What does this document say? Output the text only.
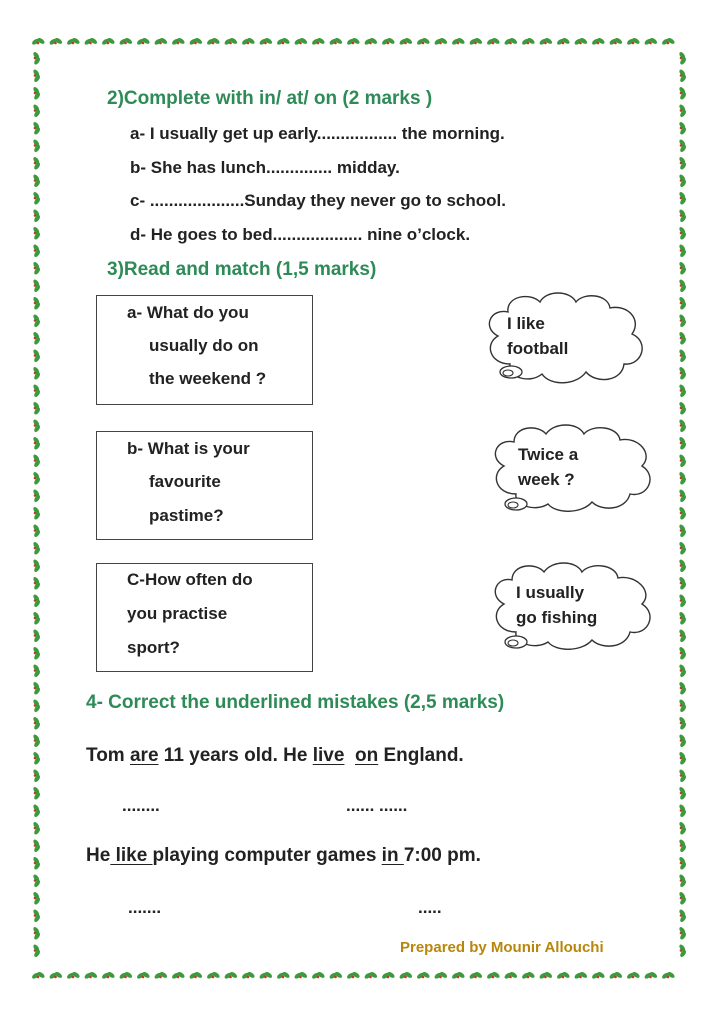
2)Complete with in/ at/ on (2 marks )
a- I usually get up early................. the morning.
b- She has lunch.............. midday.
c- ....................Sunday they never go to school.
d- He goes to bed................... nine o’clock.
3)Read and match (1,5 marks)
a- What do you
usually do on
the weekend ?
b- What is your
favourite
pastime?
C-How often do
you practise
sport?
I like
football
Twice a
week ?
I usually
go fishing
4- Correct the underlined mistakes (2,5 marks)
Tom are 11 years old. He live on England.
........	...... ......
He like playing computer games in 7:00 pm.
.......	.....
Prepared by Mounir Allouchi
